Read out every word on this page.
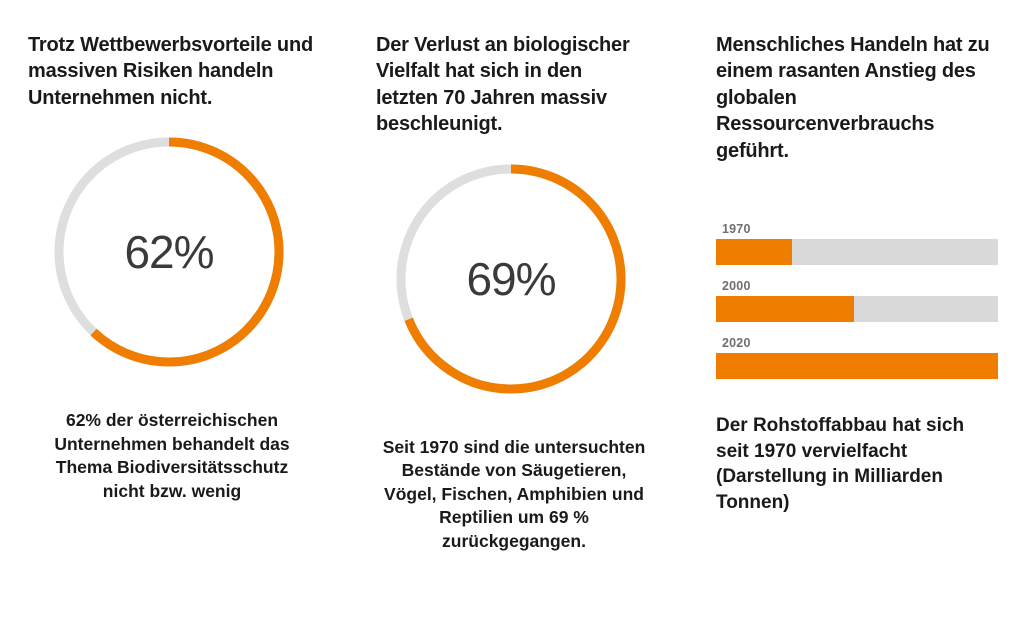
Trotz Wettbewerbsvorteile und massiven Risiken handeln Unternehmen nicht.

62%

62% der österreichischen Unternehmen behandelt das Thema Biodiversitätsschutz nicht bzw. wenig

Der Verlust an biologischer Vielfalt hat sich in den letzten 70 Jahren massiv beschleunigt.

69%

Seit 1970 sind die untersuchten Bestände von Säugetieren, Vögel, Fischen, Amphibien und Reptilien um 69 % zurückgegangen.

Menschliches Handeln hat zu einem rasanten Anstieg des globalen Ressourcenverbrauchs geführt.

1970

2000

2020

Der Rohstoffabbau hat sich seit 1970 vervielfacht (Darstellung in Milliarden Tonnen)
